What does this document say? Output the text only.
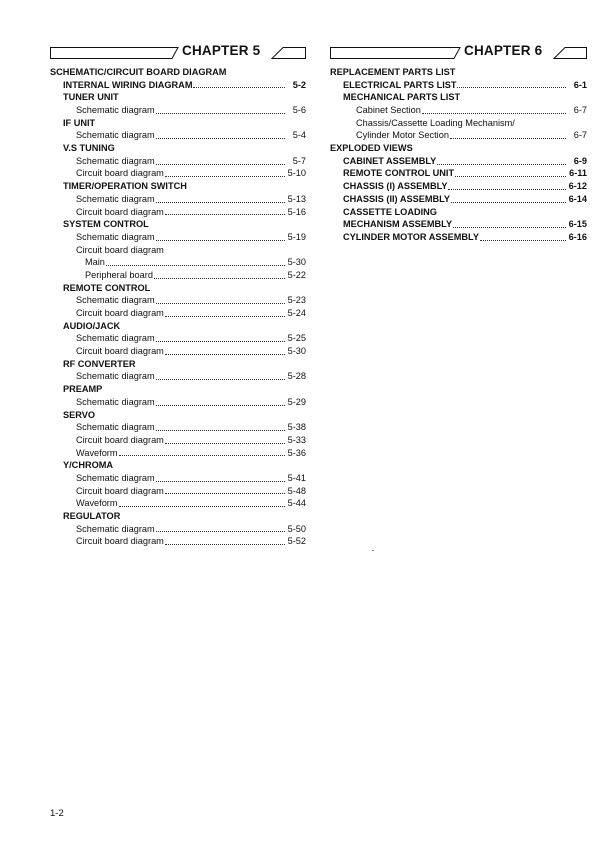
CHAPTER 5
SCHEMATIC/CIRCUIT BOARD DIAGRAM
INTERNAL WIRING DIAGRAM	5-2
TUNER UNIT
Schematic diagram	5-6
IF UNIT
Schematic diagram	5-4
V.S TUNING
Schematic diagram	5-7
Circuit board diagram	5-10
TIMER/OPERATION SWITCH
Schematic diagram	5-13
Circuit board diagram	5-16
SYSTEM CONTROL
Schematic diagram	5-19
Circuit board diagram
Main	5-30
Peripheral board	5-22
REMOTE CONTROL
Schematic diagram	5-23
Circuit board diagram	5-24
AUDIO/JACK
Schematic diagram	5-25
Circuit board diagram	5-30
RF CONVERTER
Schematic diagram	5-28
PREAMP
Schematic diagram	5-29
SERVO
Schematic diagram	5-38
Circuit board diagram	5-33
Waveform	5-36
Y/CHROMA
Schematic diagram	5-41
Circuit board diagram	5-48
Waveform	5-44
REGULATOR
Schematic diagram	5-50
Circuit board diagram	5-52
CHAPTER 6
REPLACEMENT PARTS LIST
ELECTRICAL PARTS LIST	6-1
MECHANICAL PARTS LIST
Cabinet Section	6-7
Chassis/Cassette Loading Mechanism/
Cylinder Motor Section	6-7
EXPLODED VIEWS
CABINET ASSEMBLY	6-9
REMOTE CONTROL UNIT	6-11
CHASSIS (I) ASSEMBLY	6-12
CHASSIS (II) ASSEMBLY	6-14
CASSETTE LOADING
MECHANISM ASSEMBLY	6-15
CYLINDER MOTOR ASSEMBLY	6-16
1-2
